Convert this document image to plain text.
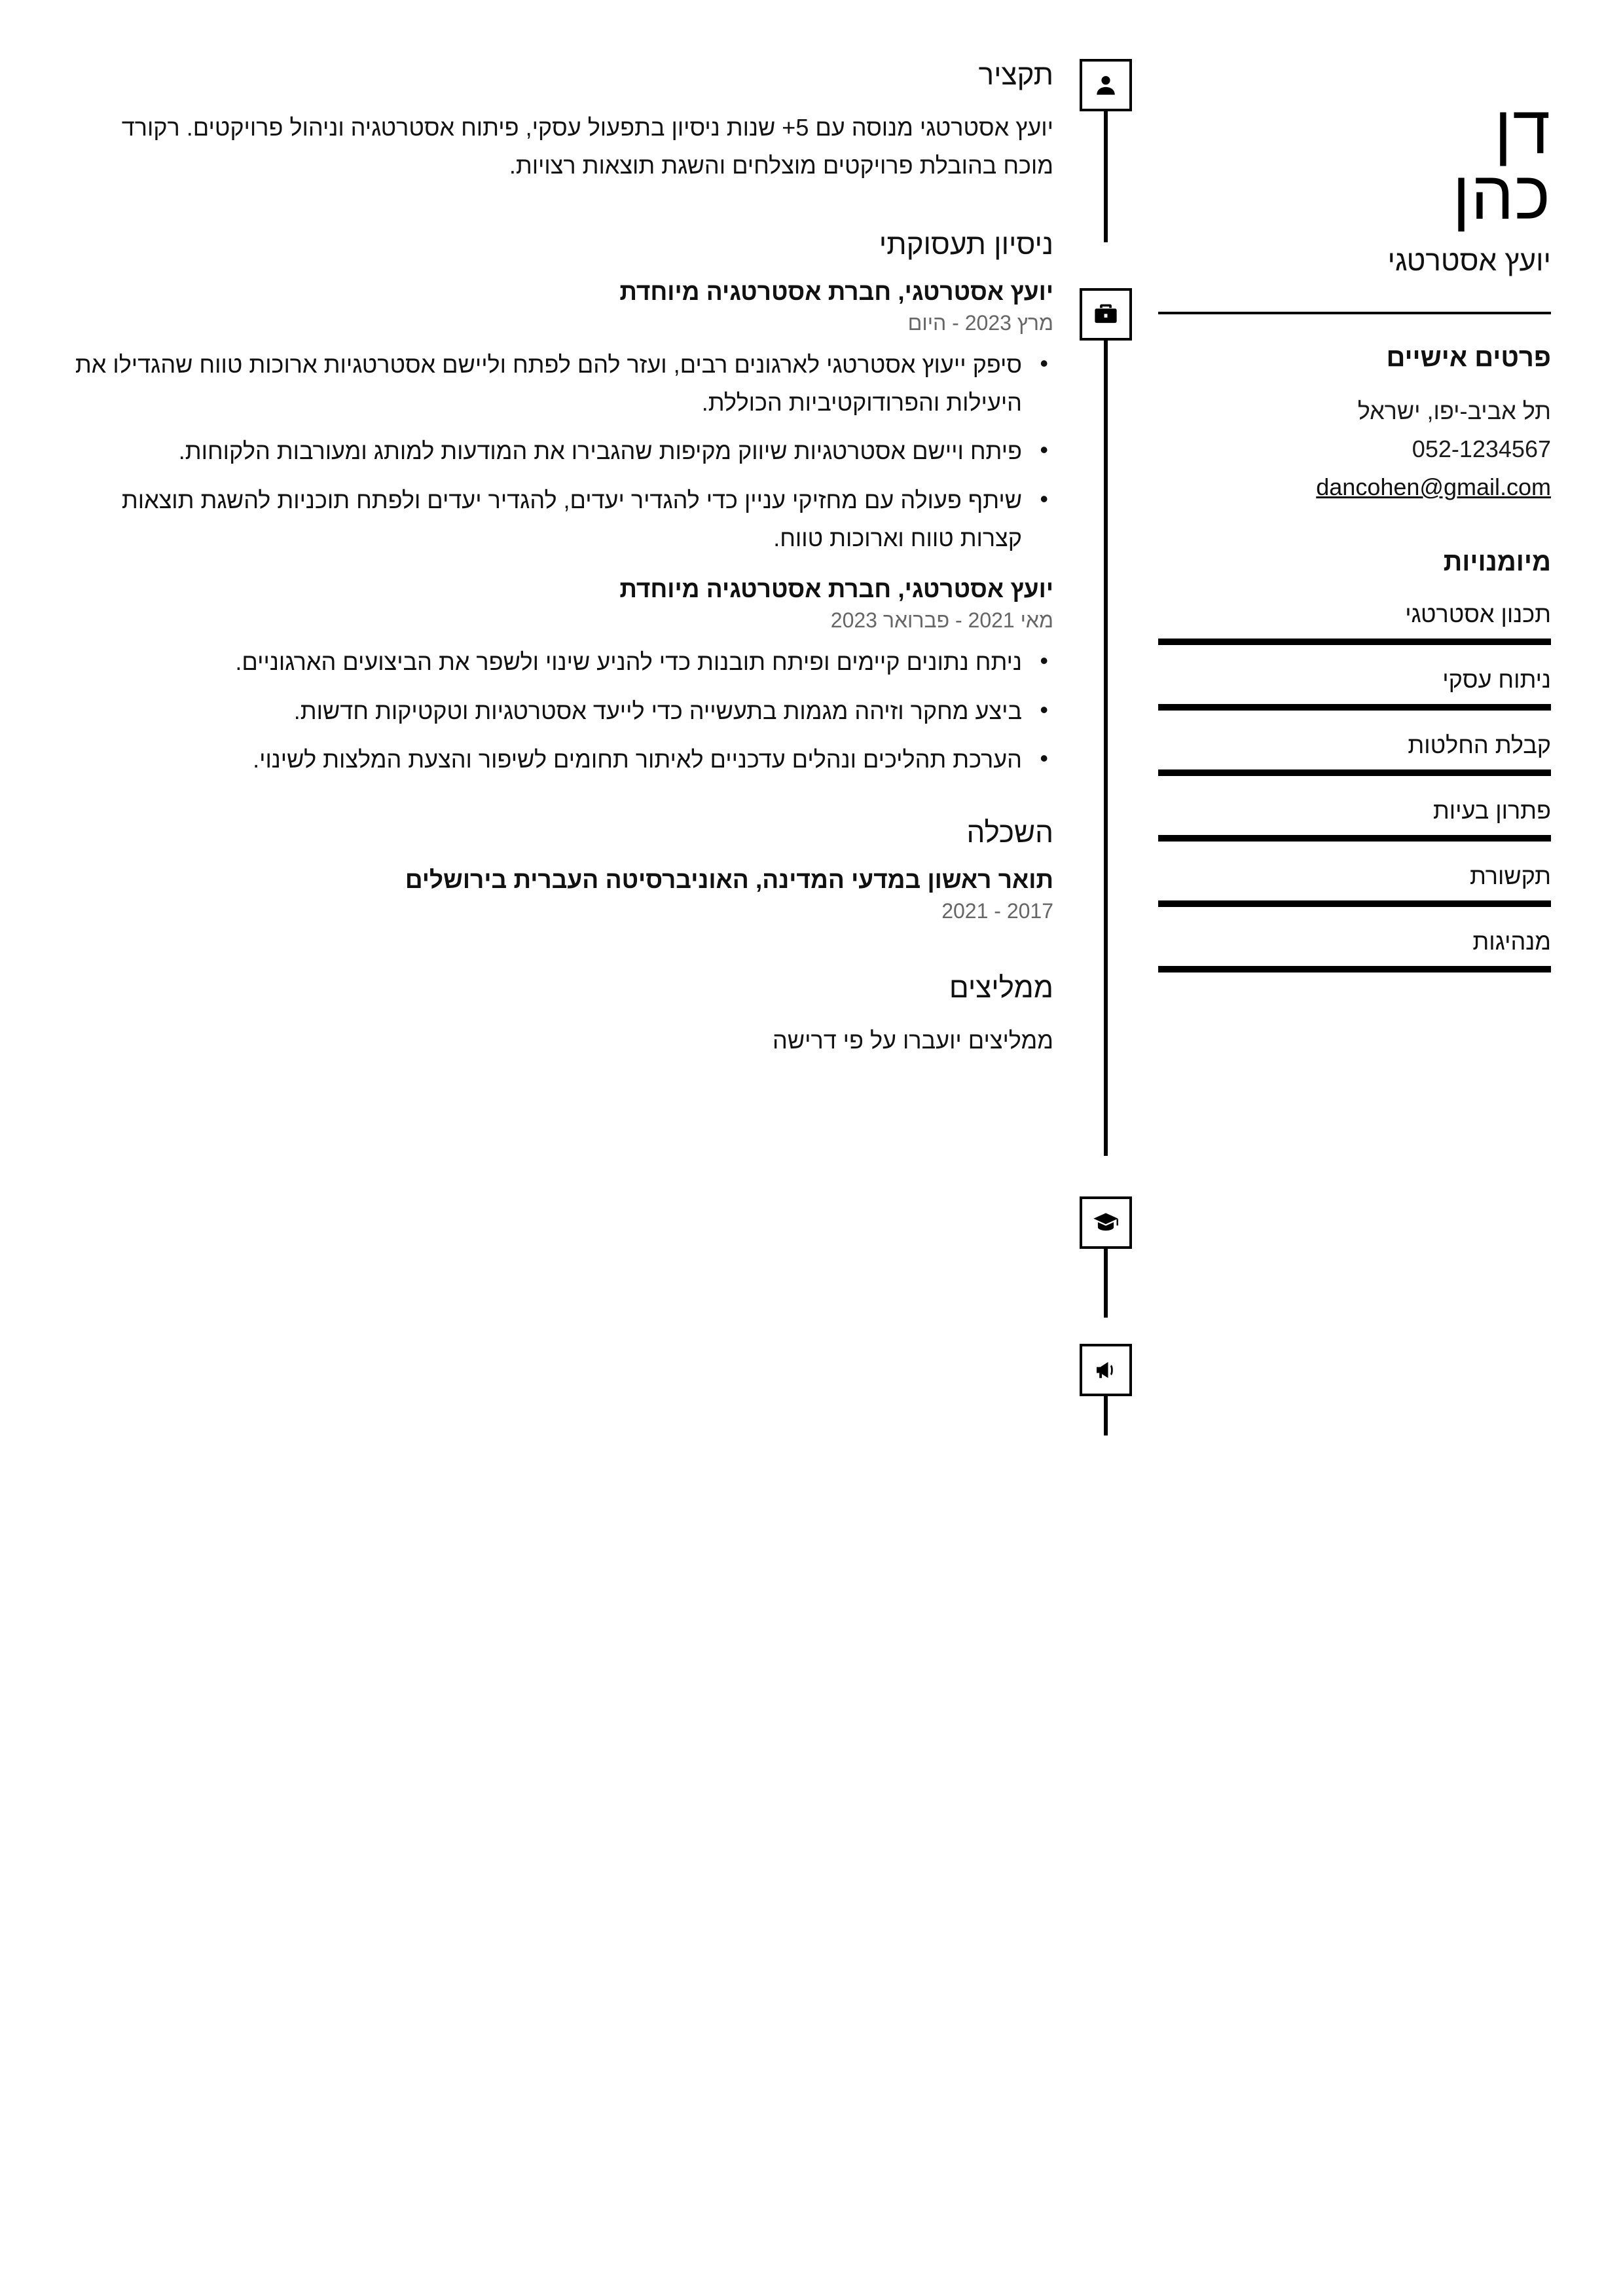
דן
כהן
יועץ אסטרטגי
פרטים אישיים
תל אביב-יפו, ישראל
052-1234567
dancohen@gmail.com
מיומנויות
תכנון אסטרטגי
ניתוח עסקי
קבלת החלטות
פתרון בעיות
תקשורת
מנהיגות
תקציר
יועץ אסטרטגי מנוסה עם 5+ שנות ניסיון בתפעול עסקי, פיתוח אסטרטגיה וניהול פרויקטים. רקורד מוכח בהובלת פרויקטים מוצלחים והשגת תוצאות רצויות.
ניסיון תעסוקתי
יועץ אסטרטגי, חברת אסטרטגיה מיוחדת
מרץ 2023 - היום
• סיפק ייעוץ אסטרטגי לארגונים רבים, ועזר להם לפתח וליישם אסטרטגיות ארוכות טווח שהגדילו את היעילות והפרודוקטיביות הכוללת.
• פיתח ויישם אסטרטגיות שיווק מקיפות שהגבירו את המודעות למותג ומעורבות הלקוחות.
• שיתף פעולה עם מחזיקי עניין כדי להגדיר יעדים, להגדיר יעדים ולפתח תוכניות להשגת תוצאות קצרות טווח וארוכות טווח.
יועץ אסטרטגי, חברת אסטרטגיה מיוחדת
מאי 2021 - פברואר 2023
• ניתח נתונים קיימים ופיתח תובנות כדי להניע שינוי ולשפר את הביצועים הארגוניים.
• ביצע מחקר וזיהה מגמות בתעשייה כדי לייעד אסטרטגיות וטקטיקות חדשות.
• הערכת תהליכים ונהלים עדכניים לאיתור תחומים לשיפור והצעת המלצות לשינוי.
השכלה
תואר ראשון במדעי המדינה, האוניברסיטה העברית בירושלים
2017 - 2021
ממליצים
ממליצים יועברו על פי דרישה
